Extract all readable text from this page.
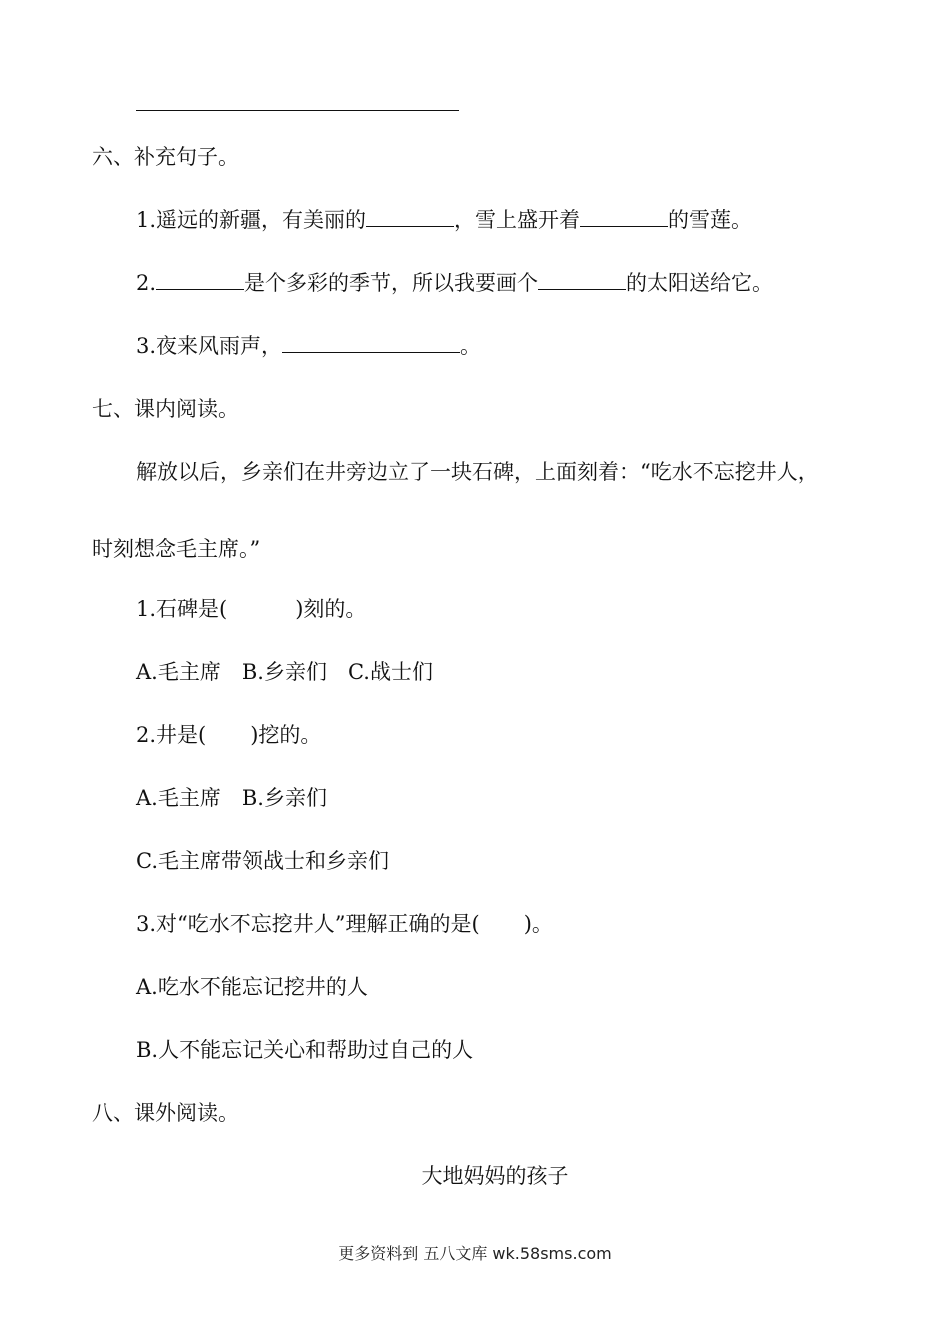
六、补充句子。
1.遥远的新疆，有美丽的	，雪上盛开着	的雪莲。
2.	是个多彩的季节，所以我要画个	的太阳送给它。
3.夜来风雨声，	。
七、课内阅读。
解放以后，乡亲们在井旁边立了一块石碑，上面刻着：“吃水不忘挖井人，
时刻想念毛主席。”
1.石碑是(	)刻的。
A.毛主席　B.乡亲们　C.战士们
2.井是( )挖的。
A.毛主席　B.乡亲们
C.毛主席带领战士和乡亲们
3.对“吃水不忘挖井人”理解正确的是( )。
A.吃水不能忘记挖井的人
B.人不能忘记关心和帮助过自己的人
八、课外阅读。
大地妈妈的孩子
更多资料到 五八文库 wk.58sms.com
